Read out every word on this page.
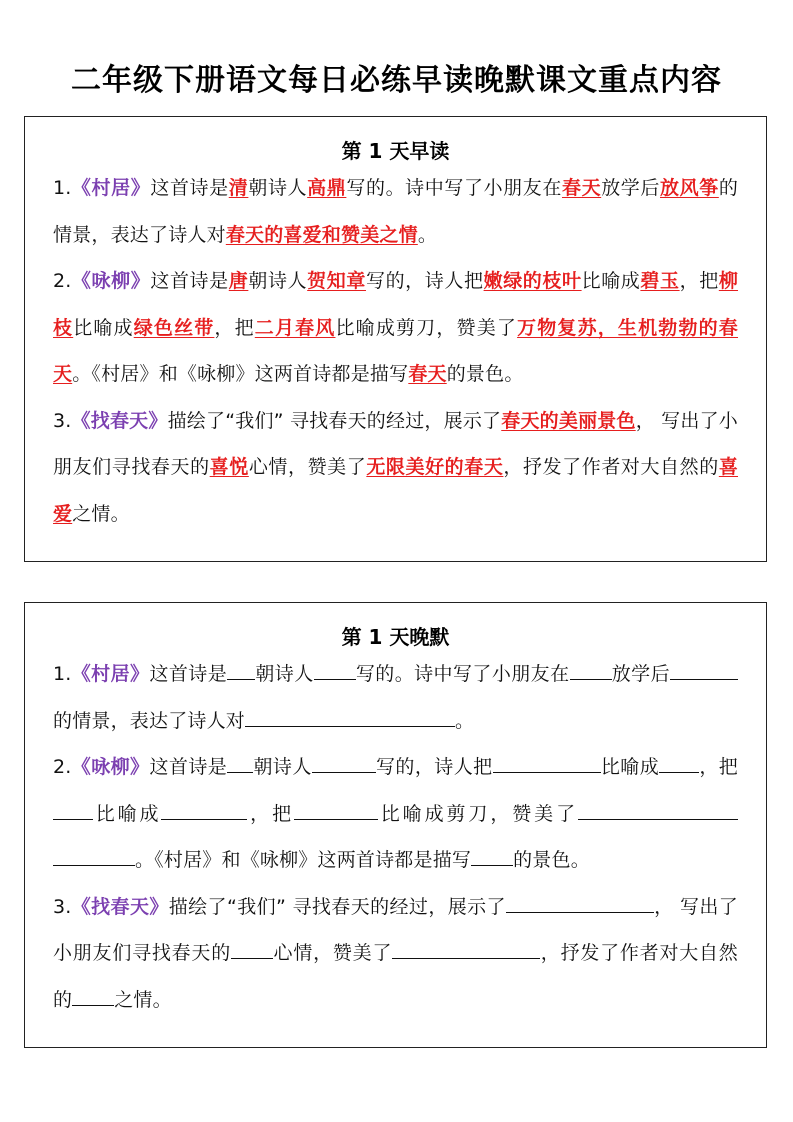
二年级下册语文每日必练早读晚默课文重点内容
第 1 天早读
1.《村居》这首诗是清朝诗人高鼎写的。诗中写了小朋友在春天放学后放风筝的情景，表达了诗人对春天的喜爱和赞美之情。
2.《咏柳》这首诗是唐朝诗人贺知章写的，诗人把嫩绿的枝叶比喻成碧玉，把柳枝比喻成绿色丝带，把二月春风比喻成剪刀，赞美了万物复苏，生机勃勃的春天。《村居》和《咏柳》这两首诗都是描写春天的景色。
3.《找春天》描绘了“我们” 寻找春天的经过，展示了春天的美丽景色， 写出了小朋友们寻找春天的喜悦心情，赞美了无限美好的春天，抒发了作者对大自然的喜爱之情。
第 1 天晚默
1.《村居》这首诗是 朝诗人 写的。诗中写了小朋友在 放学后的情景，表达了诗人对	。
2.《咏柳》这首诗是 朝诗人	写的，诗人把	比喻成 ，把比喻成	，把	比喻成剪刀，赞美了。《村居》和《咏柳》这两首诗都是描写 的景色。
3.《找春天》描绘了“我们” 寻找春天的经过，展示了	， 写出了小朋友们寻找春天的 心情，赞美了	，抒发了作者对大自然的 之情。
